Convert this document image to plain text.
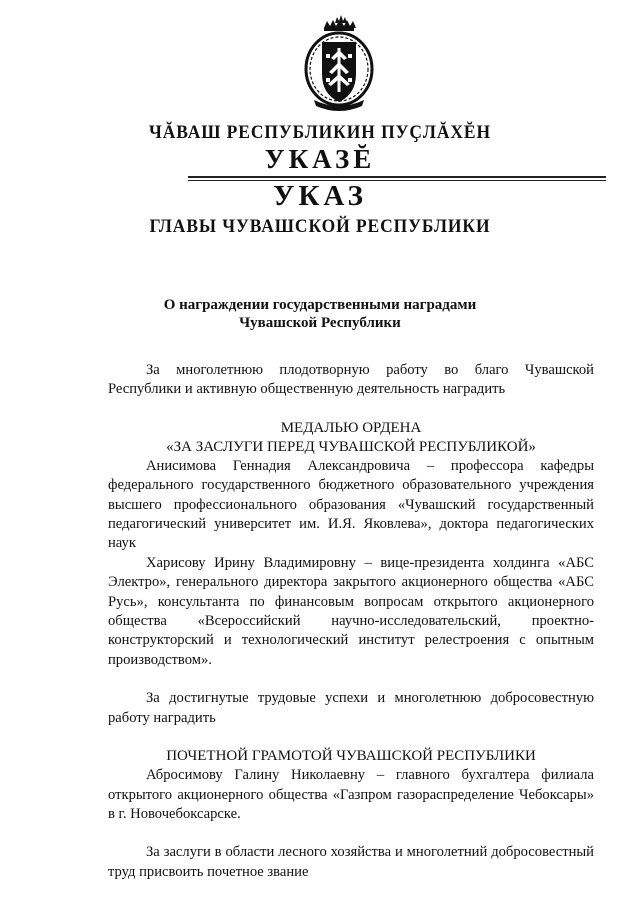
ЧĂВАШ РЕСПУБЛИКИН ПУҪЛĂХĔН
УКАЗĔ
УКАЗ
ГЛАВЫ ЧУВАШСКОЙ РЕСПУБЛИКИ
О награждении государственными наградами
Чувашской Республики

За многолетнюю плодотворную работу во благо Чувашской Республики и активную общественную деятельность наградить

МЕДАЛЬЮ ОРДЕНА

«ЗА ЗАСЛУГИ ПЕРЕД ЧУВАШСКОЙ РЕСПУБЛИКОЙ»

Анисимова Геннадия Александровича – профессора кафедры федерального государственного бюджетного образовательного учреждения высшего профессионального образования «Чувашский государственный педагогический университет им. И.Я. Яковлева», доктора педагогических наук

Харисову Ирину Владимировну – вице-президента холдинга «АБС Электро», генерального директора закрытого акционерного общества «АБС Русь», консультанта по финансовым вопросам открытого акционерного общества «Всероссийский научно-исследовательский, проектно-конструкторский и технологический институт релестроения с опытным производством».

За достигнутые трудовые успехи и многолетнюю добросовестную работу наградить

ПОЧЕТНОЙ ГРАМОТОЙ ЧУВАШСКОЙ РЕСПУБЛИКИ

Абросимову Галину Николаевну – главного бухгалтера филиала открытого акционерного общества «Газпром газораспределение Чебоксары» в г. Новочебоксарске.

За заслуги в области лесного хозяйства и многолетний добросовестный труд присвоить почетное звание
